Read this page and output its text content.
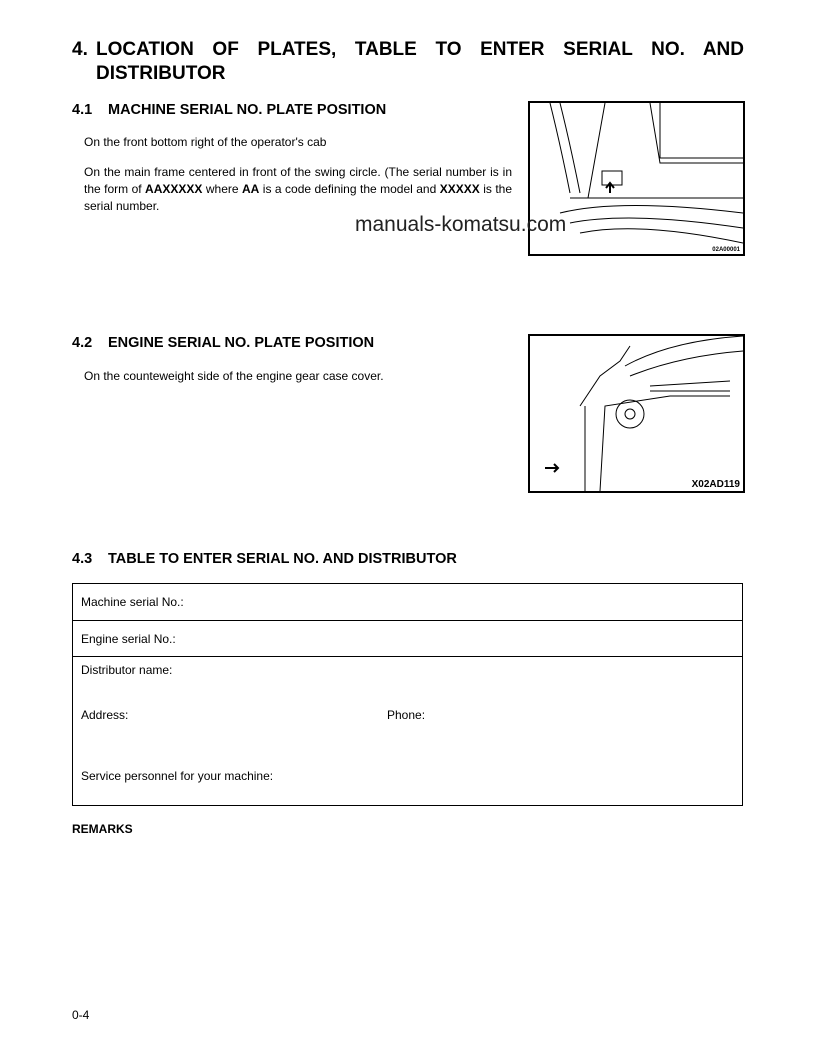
4. LOCATION OF PLATES, TABLE TO ENTER SERIAL NO. AND
DISTRIBUTOR
4.1 MACHINE SERIAL NO. PLATE POSITION

On the front bottom right of the operator's cab

On the main frame centered in front of the swing circle. (The serial number is in the form of AAXXXXX where AA is a code defining the model and XXXXX is the serial number.

02A00001
manuals-komatsu.com
4.2 ENGINE SERIAL NO. PLATE POSITION

On the counteweight side of the engine gear case cover.

X02AD119
4.3 TABLE TO ENTER SERIAL NO. AND DISTRIBUTOR
Machine serial No.:
Engine serial No.:

Distributor name:
Address:	Phone:
Service personnel for your machine:

REMARKS

0-4
